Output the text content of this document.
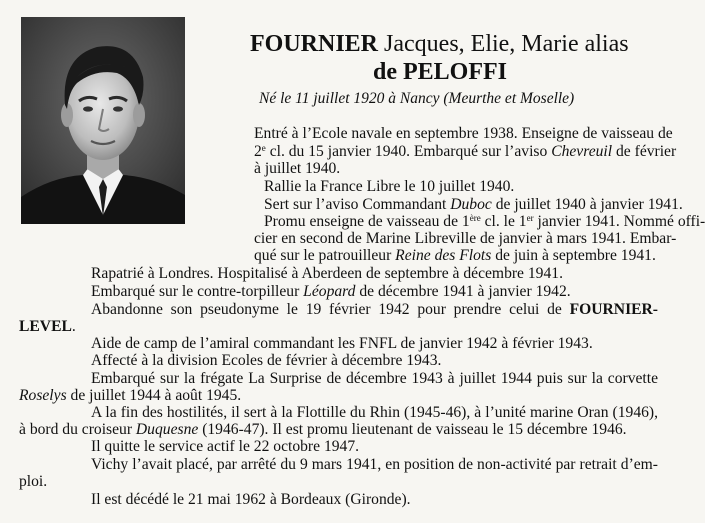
FOURNIER Jacques, Elie, Marie alias
de PELOFFI
Né le 11 juillet 1920 à Nancy (Meurthe et Moselle)
Entré à l’Ecole navale en septembre 1938. Enseigne de vaisseau de
2e cl. du 15 janvier 1940. Embarqué sur l’aviso Chevreuil de février
à juillet 1940.
Rallie la France Libre le 10 juillet 1940.
Sert sur l’aviso Commandant Duboc de juillet 1940 à janvier 1941.
Promu enseigne de vaisseau de 1ère cl. le 1er janvier 1941. Nommé offi-
cier en second de Marine Libreville de janvier à mars 1941. Embar-
qué sur le patrouilleur Reine des Flots de juin à septembre 1941.
Rapatrié à Londres. Hospitalisé à Aberdeen de septembre à décembre 1941.
Embarqué sur le contre-torpilleur Léopard de décembre 1941 à janvier 1942.
Abandonne son pseudonyme le 19 février 1942 pour prendre celui de FOURNIER-
LEVEL.
Aide de camp de l’amiral commandant les FNFL de janvier 1942 à février 1943.
Affecté à la division Ecoles de février à décembre 1943.
Embarqué sur la frégate La Surprise de décembre 1943 à juillet 1944 puis sur la corvette
Roselys de juillet 1944 à août 1945.
A la fin des hostilités, il sert à la Flottille du Rhin (1945-46), à l’unité marine Oran (1946),
à bord du croiseur Duquesne (1946-47). Il est promu lieutenant de vaisseau le 15 décembre 1946.
Il quitte le service actif le 22 octobre 1947.
Vichy l’avait placé, par arrêté du 9 mars 1941, en position de non-activité par retrait d’em-
ploi.
Il est décédé le 21 mai 1962 à Bordeaux (Gironde).
